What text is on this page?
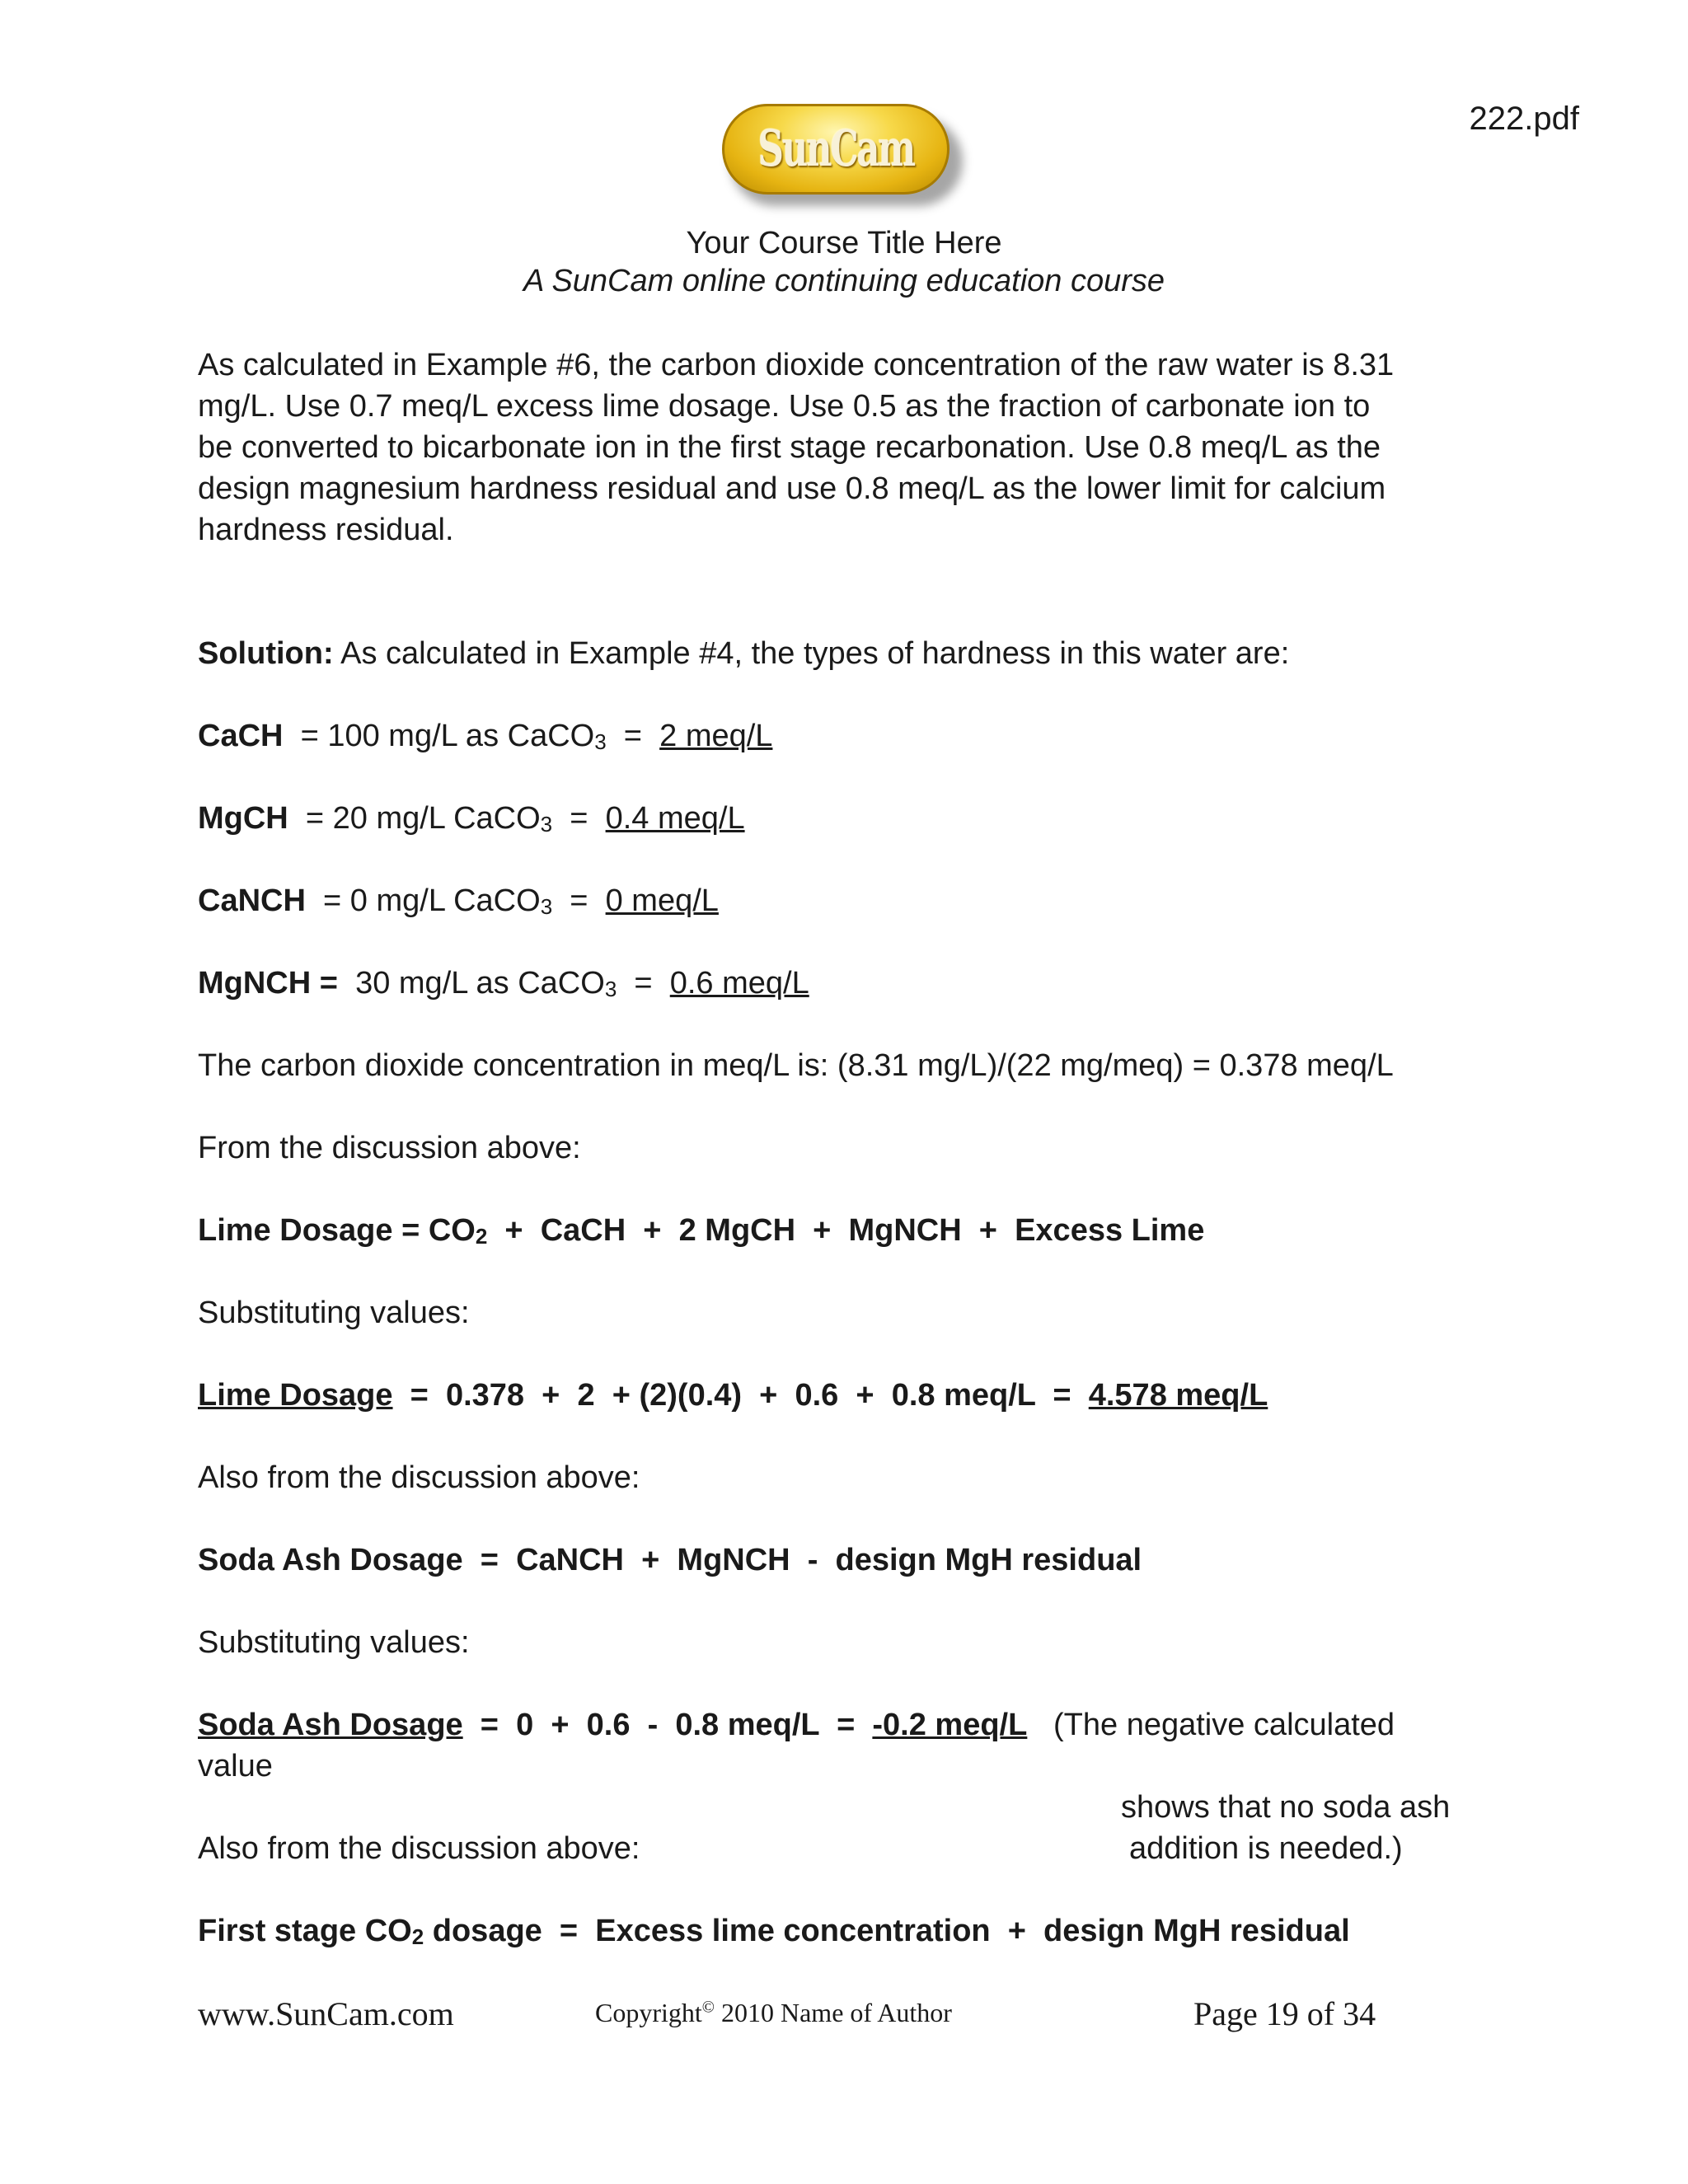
222.pdf
SunCam
Your Course Title Here
A SunCam online continuing education course
As calculated in Example #6, the carbon dioxide concentration of the raw water is 8.31
mg/L. Use 0.7 meq/L excess lime dosage. Use 0.5 as the fraction of carbonate ion to
be converted to bicarbonate ion in the first stage recarbonation. Use 0.8 meq/L as the
design magnesium hardness residual and use 0.8 meq/L as the lower limit for calcium
hardness residual.
Solution: As calculated in Example #4, the types of hardness in this water are:
CaCH = 100 mg/L as CaCO$_3$ = 2 meq/L
MgCH = 20 mg/L CaCO$_3$ = 0.4 meq/L
CaNCH = 0 mg/L CaCO$_3$ = 0 meq/L
MgNCH = 30 mg/L as CaCO$_3$ = 0.6 meq/L
The carbon dioxide concentration in meq/L is: (8.31 mg/L)/(22 mg/meq) = 0.378 meq/L
From the discussion above:
Lime Dosage = $CO_2$  +  CaCH  +  2 MgCH  +  MgNCH  +  Excess Lime
Substituting values:
Lime Dosage  =  0.378  +  2  + (2)(0.4)  +  0.6  +  0.8 meq/L  =  4.578 meq/L
Also from the discussion above:
Soda Ash Dosage  =  CaNCH  +  MgNCH  -  design MgH residual
Substituting values:
Soda Ash Dosage  =  0  +  0.6  -  0.8 meq/L  =  -0.2 meq/L   (The negative calculated
value
shows that no soda ash
Also from the discussion above:	addition is needed.)
First stage $CO_2$ dosage  =  Excess lime concentration  +  design MgH residual
www.SunCam.com	Copyright© 2010 Name of Author	Page 19 of 34
